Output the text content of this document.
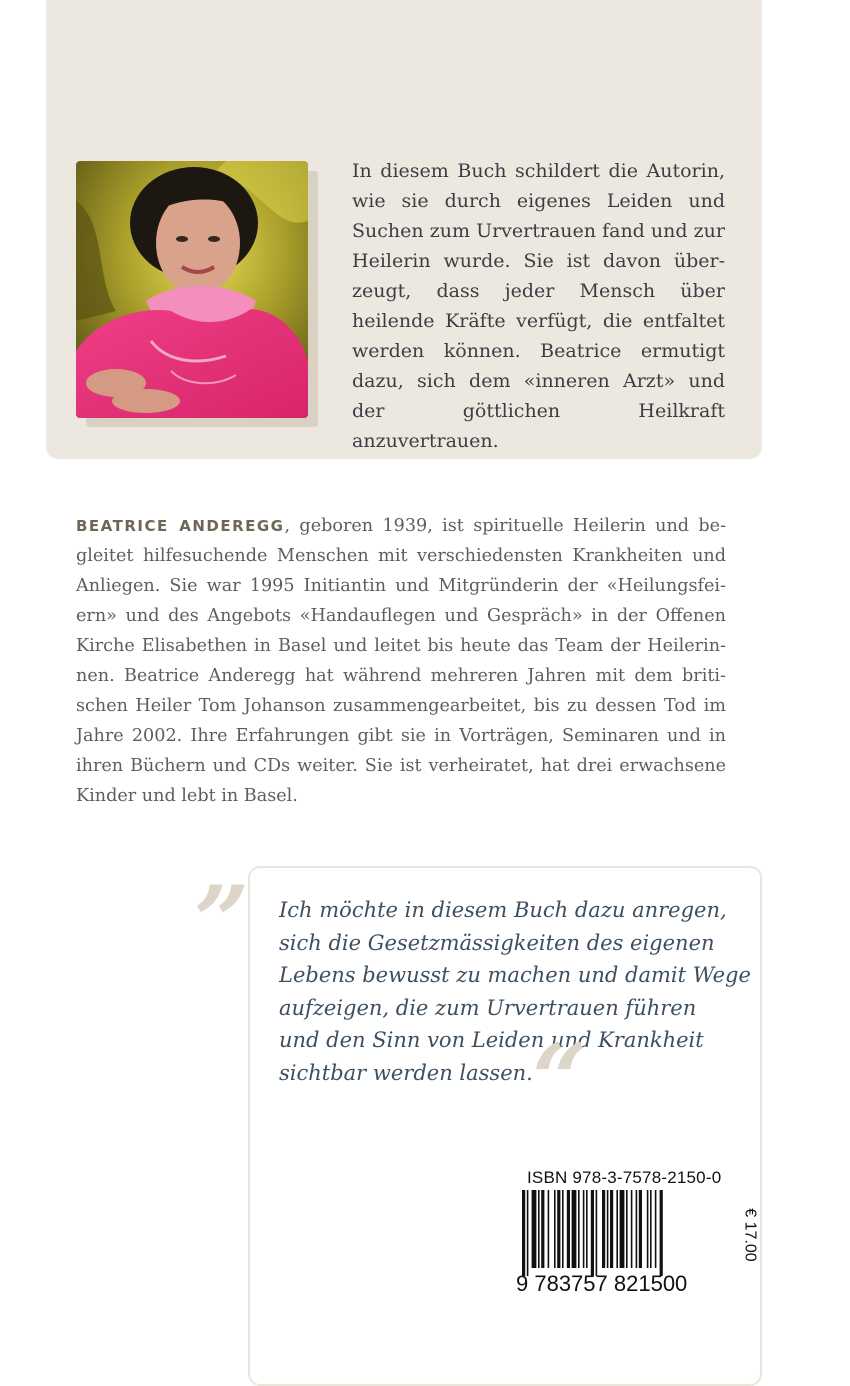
In diesem Buch schildert die Autorin, wie sie durch eigenes Leiden und Suchen zum Urvertrauen fand und zur Heilerin wurde. Sie ist davon überzeugt, dass jeder Mensch über heilende Kräfte verfügt, die entfaltet werden können. Beatrice ermutigt dazu, sich dem «inneren Arzt» und der göttlichen Heilkraft anzuvertrauen.

BEATRICE ANDEREGG, geboren 1939, ist spirituelle Heilerin und begleitet hilfesuchende Menschen mit verschiedensten Krankheiten und Anliegen. Sie war 1995 Initiantin und Mitgründerin der «Heilungsfeiern» und des Angebots «Handauflegen und Gespräch» in der Offenen Kirche Elisabethen in Basel und leitet bis heute das Team der Heilerinnen. Beatrice Anderegg hat während mehreren Jahren mit dem britischen Heiler Tom Johanson zusammengearbeitet, bis zu dessen Tod im Jahre 2002. Ihre Erfahrungen gibt sie in Vorträgen, Seminaren und in ihren Büchern und CDs weiter. Sie ist verheiratet, hat drei erwachsene Kinder und lebt in Basel.

” Ich möchte in diesem Buch dazu anregen,
sich die Gesetzmässigkeiten des eigenen
Lebens bewusst zu machen und damit Wege
aufzeigen, die zum Urvertrauen führen
und den Sinn von Leiden und Krankheit
sichtbar werden lassen. “
ISBN 978-3-7578-2150-0
9 783757 821500
€ 17.00
